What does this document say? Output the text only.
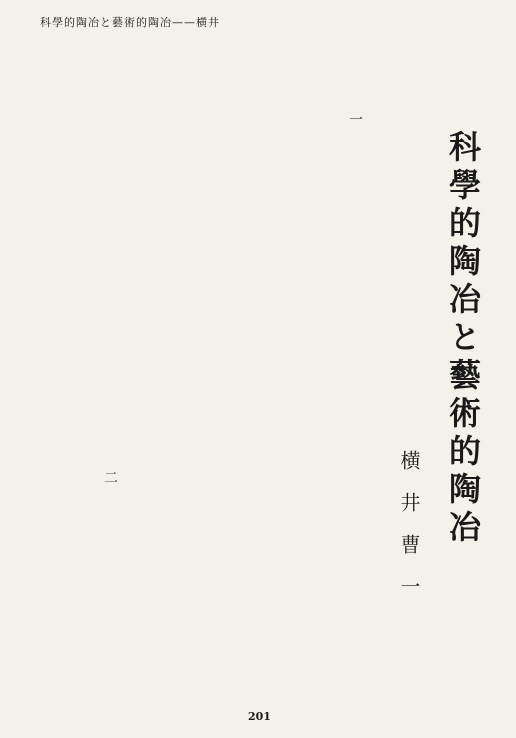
科學的陶冶と藝術的陶冶——横井
科學的陶冶と藝術的陶冶
横井曹一
一
二
201
